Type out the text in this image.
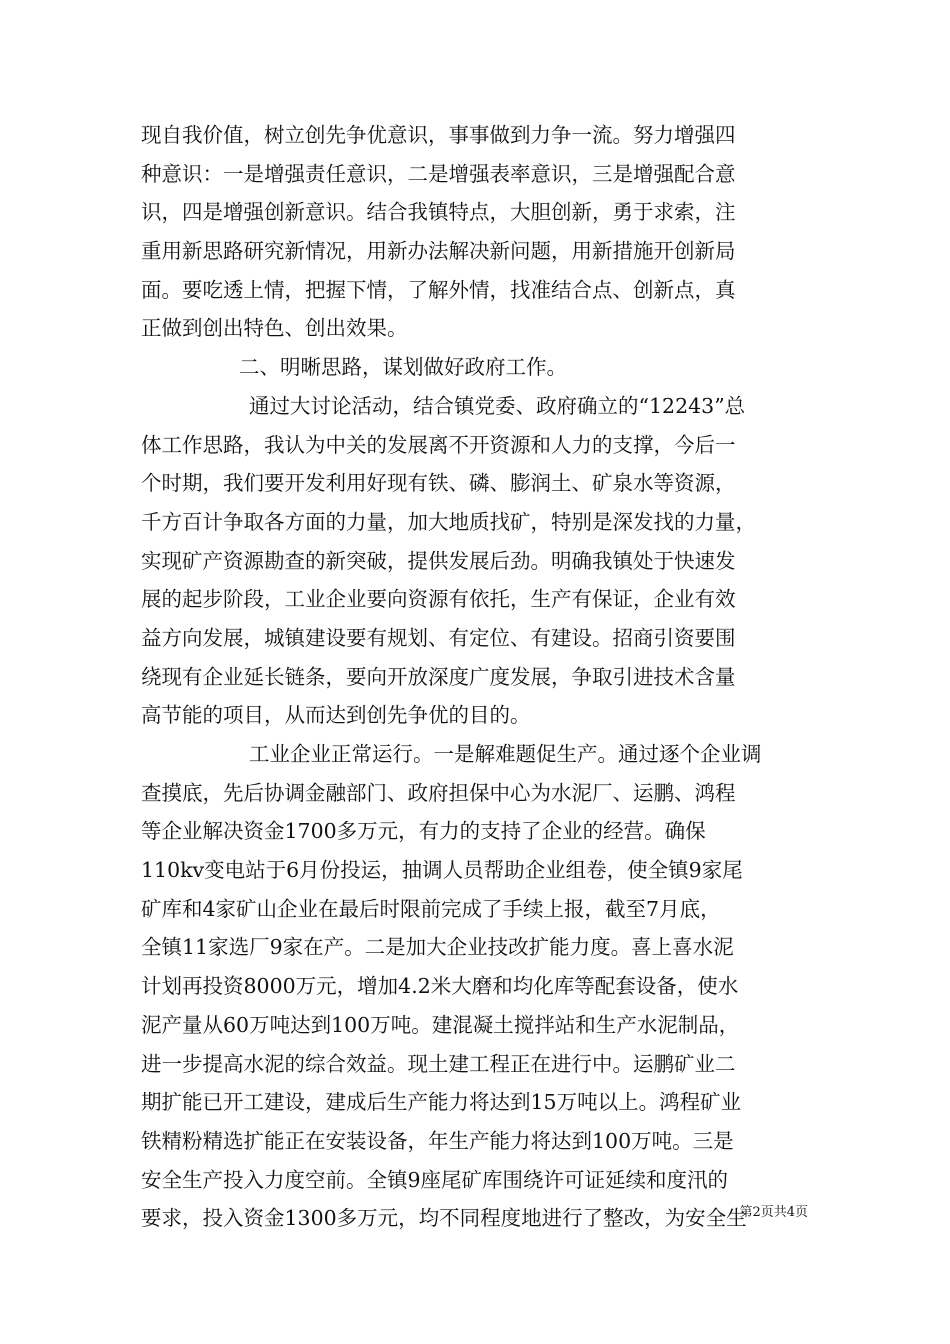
现自我价值，树立创先争优意识，事事做到力争一流。努力增强四
种意识：一是增强责任意识，二是增强表率意识，三是增强配合意
识，四是增强创新意识。结合我镇特点，大胆创新，勇于求索，注
重用新思路研究新情况，用新办法解决新问题，用新措施开创新局
面。要吃透上情，把握下情，了解外情，找准结合点、创新点，真
正做到创出特色、创出效果。
二、明晰思路，谋划做好政府工作。
通过大讨论活动，结合镇党委、政府确立的“12243”总
体工作思路，我认为中关的发展离不开资源和人力的支撑，今后一
个时期，我们要开发利用好现有铁、磷、膨润土、矿泉水等资源，
千方百计争取各方面的力量，加大地质找矿，特别是深发找的力量，
实现矿产资源勘查的新突破，提供发展后劲。明确我镇处于快速发
展的起步阶段，工业企业要向资源有依托，生产有保证，企业有效
益方向发展，城镇建设要有规划、有定位、有建设。招商引资要围
绕现有企业延长链条，要向开放深度广度发展，争取引进技术含量
高节能的项目，从而达到创先争优的目的。
工业企业正常运行。一是解难题促生产。通过逐个企业调
查摸底，先后协调金融部门、政府担保中心为水泥厂、运鹏、鸿程
等企业解决资金1700多万元，有力的支持了企业的经营。确保
110kv变电站于6月份投运，抽调人员帮助企业组卷，使全镇9家尾
矿库和4家矿山企业在最后时限前完成了手续上报，截至7月底，
全镇11家选厂9家在产。二是加大企业技改扩能力度。喜上喜水泥
计划再投资8000万元，增加4.2米大磨和均化库等配套设备，使水
泥产量从60万吨达到100万吨。建混凝土搅拌站和生产水泥制品，
进一步提高水泥的综合效益。现土建工程正在进行中。运鹏矿业二
期扩能已开工建设，建成后生产能力将达到15万吨以上。鸿程矿业
铁精粉精选扩能正在安装设备，年生产能力将达到100万吨。三是
安全生产投入力度空前。全镇9座尾矿库围绕许可证延续和度汛的
要求，投入资金1300多万元，均不同程度地进行了整改，为安全生
第2页共4页
